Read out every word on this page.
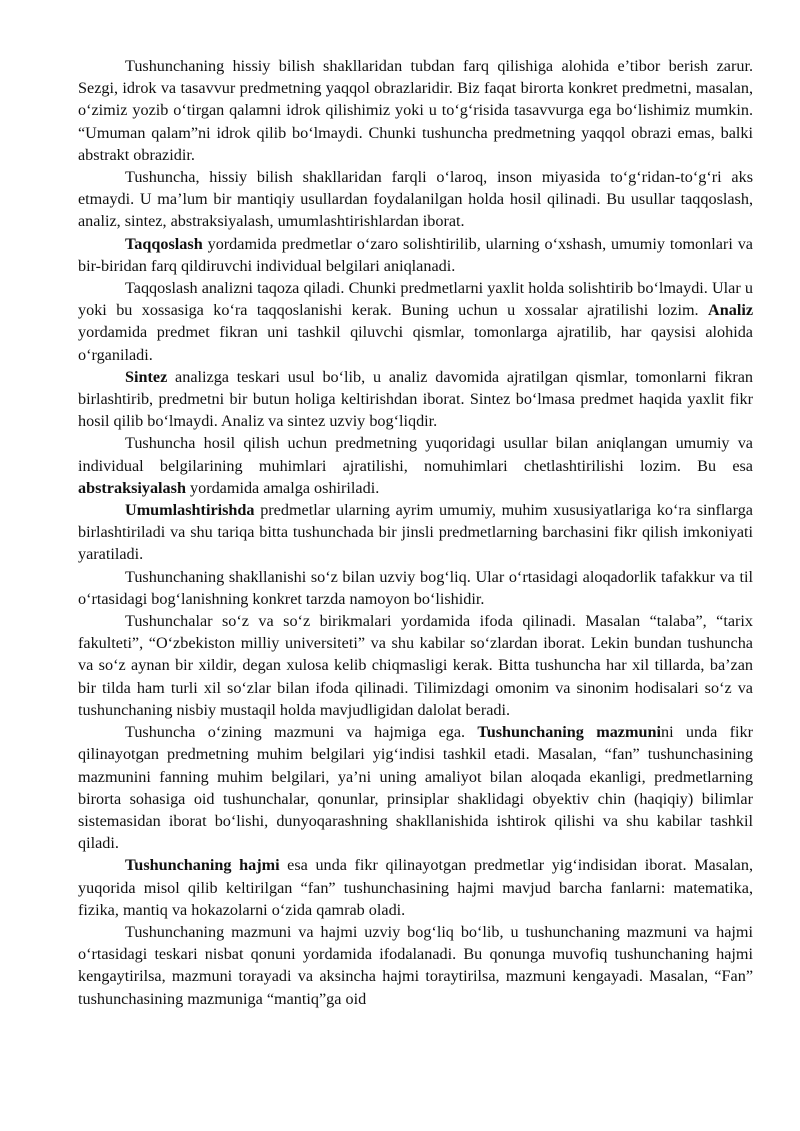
Tushunchaning hissiy bilish shakllaridan tubdan farq qilishiga alohida e’tibor berish zarur. Sezgi, idrok va tasavvur predmetning yaqqol obrazlaridir. Biz faqat birorta konkret predmetni, masalan, o‘zimiz yozib o‘tirgan qalamni idrok qilishimiz yoki u to‘g‘risida tasavvurga ega bo‘lishimiz mumkin. “Umuman qalam”ni idrok qilib bo‘lmaydi. Chunki tushuncha predmetning yaqqol obrazi emas, balki abstrakt obrazidir.

Tushuncha, hissiy bilish shakllaridan farqli o‘laroq, inson miyasida to‘g‘ridan-to‘g‘ri aks etmaydi. U ma’lum bir mantiqiy usullardan foydalanilgan holda hosil qilinadi. Bu usullar taqqoslash, analiz, sintez, abstraksiyalash, umumlashtirishlardan iborat.

Taqqoslash yordamida predmetlar o‘zaro solishtirilib, ularning o‘xshash, umumiy tomonlari va bir-biridan farq qildiruvchi individual belgilari aniqlanadi.

Taqqoslash analizni taqoza qiladi. Chunki predmetlarni yaxlit holda solishtirib bo‘lmaydi. Ular u yoki bu xossasiga ko‘ra taqqoslanishi kerak. Buning uchun u xossalar ajratilishi lozim. Analiz yordamida predmet fikran uni tashkil qiluvchi qismlar, tomonlarga ajratilib, har qaysisi alohida o‘rganiladi.

Sintez analizga teskari usul bo‘lib, u analiz davomida ajratilgan qismlar, tomonlarni fikran birlashtirib, predmetni bir butun holiga keltirishdan iborat. Sintez bo‘lmasa predmet haqida yaxlit fikr hosil qilib bo‘lmaydi. Analiz va sintez uzviy bog‘liqdir.

Tushuncha hosil qilish uchun predmetning yuqoridagi usullar bilan aniqlangan umumiy va individual belgilarining muhimlari ajratilishi, nomuhimlari chetlashtirilishi lozim. Bu esa abstraksiyalash yordamida amalga oshiriladi.

Umumlashtirishda predmetlar ularning ayrim umumiy, muhim xususiyatlariga ko‘ra sinflarga birlashtiriladi va shu tariqa bitta tushunchada bir jinsli predmetlarning barchasini fikr qilish imkoniyati yaratiladi.

Tushunchaning shakllanishi so‘z bilan uzviy bog‘liq. Ular o‘rtasidagi aloqadorlik tafakkur va til o‘rtasidagi bog‘lanishning konkret tarzda namoyon bo‘lishidir.

Tushunchalar so‘z va so‘z birikmalari yordamida ifoda qilinadi. Masalan “talaba”, “tarix fakulteti”, “O‘zbekiston milliy universiteti” va shu kabilar so‘zlardan iborat. Lekin bundan tushuncha va so‘z aynan bir xildir, degan xulosa kelib chiqmasligi kerak. Bitta tushuncha har xil tillarda, ba’zan bir tilda ham turli xil so‘zlar bilan ifoda qilinadi. Tilimizdagi omonim va sinonim hodisalari so‘z va tushunchaning nisbiy mustaqil holda mavjudligidan dalolat beradi.

Tushuncha o‘zining mazmuni va hajmiga ega. Tushunchaning mazmunini unda fikr qilinayotgan predmetning muhim belgilari yig‘indisi tashkil etadi. Masalan, “fan” tushunchasining mazmunini fanning muhim belgilari, ya’ni uning amaliyot bilan aloqada ekanligi, predmetlarning birorta sohasiga oid tushunchalar, qonunlar, prinsiplar shaklidagi obyektiv chin (haqiqiy) bilimlar sistemasidan iborat bo‘lishi, dunyoqarashning shakllanishida ishtirok qilishi va shu kabilar tashkil qiladi.

Tushunchaning hajmi esa unda fikr qilinayotgan predmetlar yig‘indisidan iborat. Masalan, yuqorida misol qilib keltirilgan “fan” tushunchasining hajmi mavjud barcha fanlarni: matematika, fizika, mantiq va hokazolarni o‘zida qamrab oladi.

Tushunchaning mazmuni va hajmi uzviy bog‘liq bo‘lib, u tushunchaning mazmuni va hajmi o‘rtasidagi teskari nisbat qonuni yordamida ifodalanadi. Bu qonunga muvofiq tushunchaning hajmi kengaytirilsa, mazmuni torayadi va aksincha hajmi toraytirilsa, mazmuni kengayadi. Masalan, “Fan” tushunchasining mazmuniga “mantiq”ga oid
